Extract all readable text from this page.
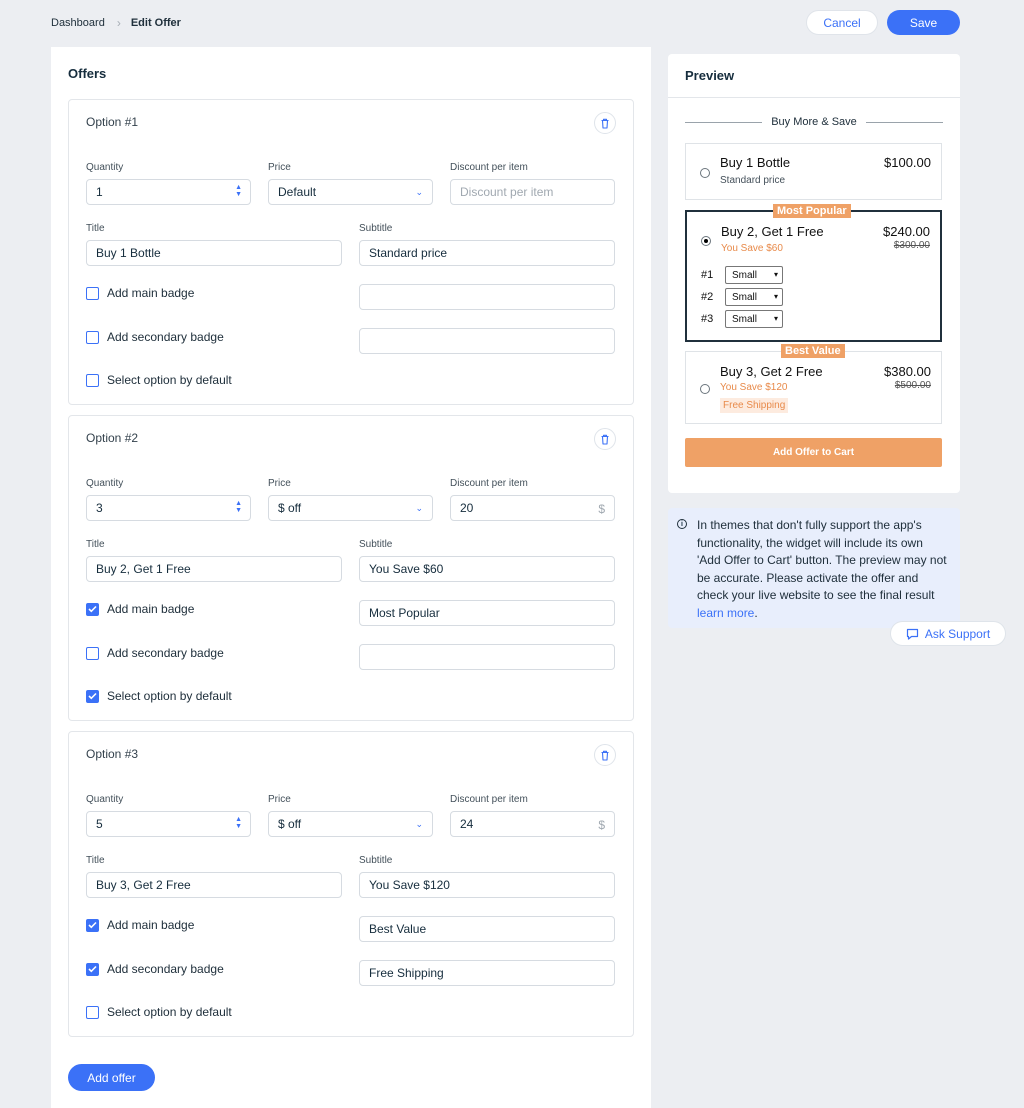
Dashboard › Edit Offer	Cancel	Save
Offers
Option #1
Quantity
1	▲
▼
Price
Default	⌄
Discount per item
Discount per item
Title
Buy 1 Bottle
Subtitle
Standard price
Add main badge
Add secondary badge
Select option by default
Option #2
Quantity
3	▲
▼
Price
$ off	⌄
Discount per item
20	$
Title
Buy 2, Get 1 Free
Subtitle
You Save $60
Add main badge	Most Popular
Add secondary badge
Select option by default
Option #3
Quantity
5	▲
▼
Price
$ off	⌄
Discount per item
24	$
Title
Buy 3, Get 2 Free
Subtitle
You Save $120
Add main badge	Best Value
Add secondary badge	Free Shipping
Select option by default
Add offer
Preview
Buy More & Save
Buy 1 Bottle
Standard price
$100.00
Buy 2, Get 1 Free
You Save $60
$240.00
$300.00
#1	Small ▾
#2	Small ▾
#3	Small ▾
Most Popular
Buy 3, Get 2 Free
You Save $120
$380.00
$500.00
Free Shipping
Best Value
Add Offer to Cart
i	In themes that don't fully support the app's functionality, the widget will include its own 'Add Offer to Cart' button. The preview may not be accurate. Please activate the offer and check your live website to see the final result learn more.
Ask Support
